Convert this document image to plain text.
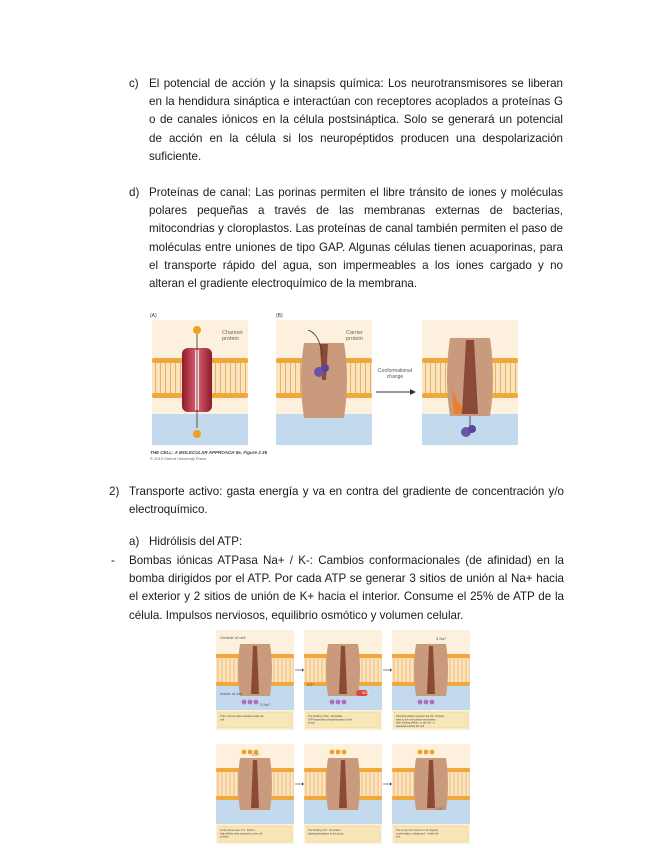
c) El potencial de acción y la sinapsis química: Los neurotransmisores se liberan en la hendidura sináptica e interactúan con receptores acoplados a proteínas G o de canales iónicos en la célula postsináptica. Solo se generará un potencial de acción en la célula si los neuropéptidos producen una despolarización suficiente.
d) Proteínas de canal: Las porinas permiten el libre tránsito de iones y moléculas polares pequeñas a través de las membranas externas de bacterias, mitocondrias y cloroplastos. Las proteínas de canal también permiten el paso de moléculas entre uniones de tipo GAP. Algunas células tienen acuaporinas, para el transporte rápido del agua, son impermeables a los iones cargado y no alteran el gradiente electroquímico de la membrana.
(A)
Channel
protein
(B)
Carrier
protein
Conformational
change
THE CELL: A MOLECULAR APPROACH 8e, Figure 2.39
© 2019 Oxford University Press
2) Transporte activo: gasta energía y va en contra del gradiente de concentración y/o electroquímico.
a) Hidrólisis del ATP:
- Bombas iónicas ATPasa Na+ / K-: Cambios conformacionales (de afinidad) en la bomba dirigidos por el ATP. Por cada ATP se generar 3 sitios de unión al Na+ hacia el exterior y 2 sitios de unión de K+ hacia el interior. Consume el 25% de ATP de la célula. Impulsos nerviosos, equilibrio osmótico y volumen celular.
3 Na⁺ bind to sites exposed inside the cell.
The binding of Na⁺ stimulates ATP-dependent phosphorylation of the pump.
Phosphorylation exposes the Na⁺ binding sites to the cell surface and lowers their binding affinity, so the Na⁺ is released outside the cell.
At the same time, 2 K⁺ bind to high-affinity sites exposed on the cell surface.
The binding of K⁺ stimulates dephosphorylation of the pump.
The pump then returns to its original conformation, releasing K⁺ inside the cell.
Outside of cell
Inside of cell
3 Na⁺
3 Na⁺
2 K⁺
2 K⁺
ATP
ADP
